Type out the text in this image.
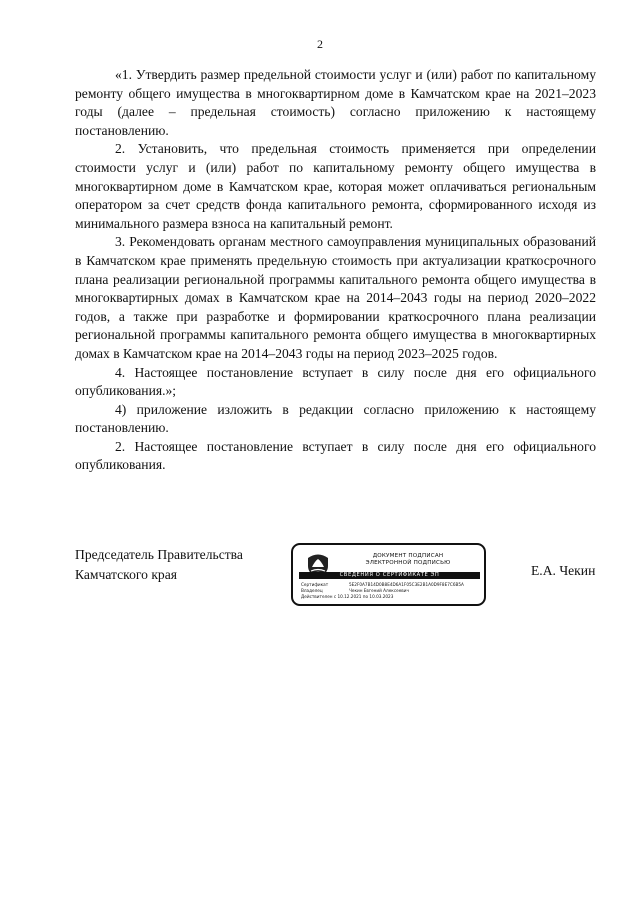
2

«1. Утвердить размер предельной стоимости услуг и (или) работ по капитальному ремонту общего имущества в многоквартирном доме в Камчатском крае на 2021–2023 годы (далее – предельная стоимость) согласно приложению к настоящему постановлению.

2. Установить, что предельная стоимость применяется при определении стоимости услуг и (или) работ по капитальному ремонту общего имущества в многоквартирном доме в Камчатском крае, которая может оплачиваться региональным оператором за счет средств фонда капитального ремонта, сформированного исходя из минимального размера взноса на капитальный ремонт.

3. Рекомендовать органам местного самоуправления муниципальных образований в Камчатском крае применять предельную стоимость при актуализации краткосрочного плана реализации региональной программы капитального ремонта общего имущества в многоквартирных домах в Камчатском крае на 2014–2043 годы на период 2020–2022 годов, а также при разработке и формировании краткосрочного плана реализации региональной программы капитального ремонта общего имущества в многоквартирных домах в Камчатском крае на 2014–2043 годы на период 2023–2025 годов.

4. Настоящее постановление вступает в силу после дня его официального опубликования.»;

4) приложение изложить в редакции согласно приложению к настоящему постановлению.

2. Настоящее постановление вступает в силу после дня его официального опубликования.

Председатель Правительства
Камчатского края
ДОКУМЕНТ ПОДПИСАН
ЭЛЕКТРОННОЙ ПОДПИСЬЮ
СВЕДЕНИЯ О СЕРТИФИКАТЕ ЭП
Сертификат	5E2F0A7B14D0B8E4D6A1F05C3E2B1A0D9F8E7C6B5A
Владелец	Чекин Евгений Алексеевич
Действителен с 10.12.2021 по 10.03.2023
Е.А. Чекин
